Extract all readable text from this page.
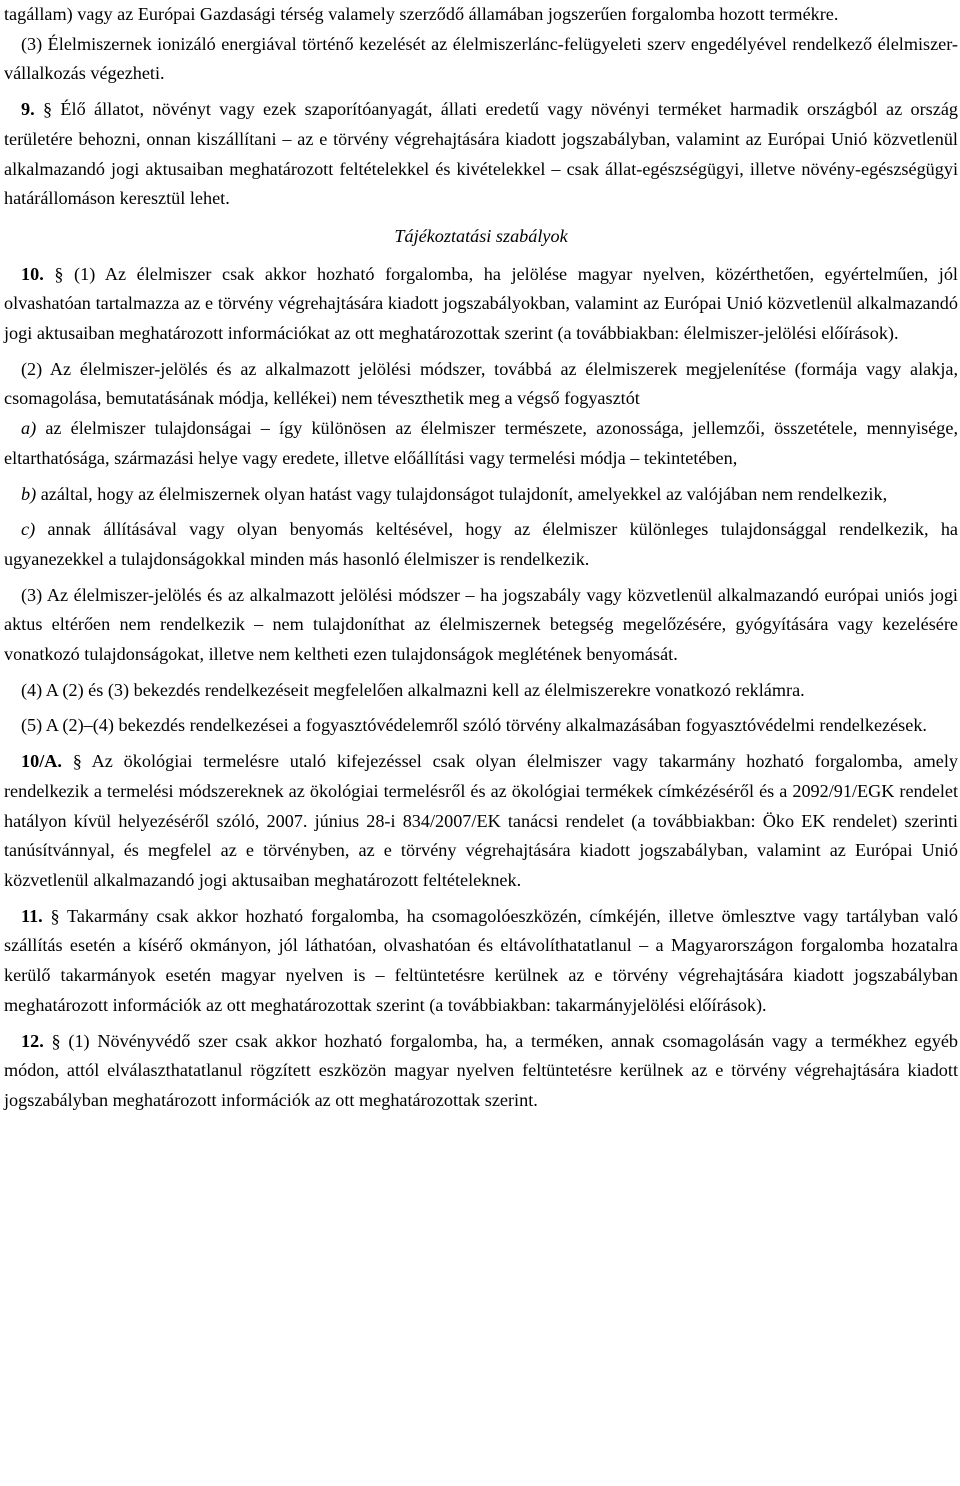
tagállam) vagy az Európai Gazdasági térség valamely szerződő államában jogszerűen forgalomba hozott termékre.

(3) Élelmiszernek ionizáló energiával történő kezelését az élelmiszerlánc-felügyeleti szerv engedélyével rendelkező élelmiszer-vállalkozás végezheti.

9. § Élő állatot, növényt vagy ezek szaporítóanyagát, állati eredetű vagy növényi terméket harmadik országból az ország területére behozni, onnan kiszállítani – az e törvény végrehajtására kiadott jogszabályban, valamint az Európai Unió közvetlenül alkalmazandó jogi aktusaiban meghatározott feltételekkel és kivételekkel – csak állat-egészségügyi, illetve növény-egészségügyi határállomáson keresztül lehet.

Tájékoztatási szabályok

10. § (1) Az élelmiszer csak akkor hozható forgalomba, ha jelölése magyar nyelven, közérthetően, egyértelműen, jól olvashatóan tartalmazza az e törvény végrehajtására kiadott jogszabályokban, valamint az Európai Unió közvetlenül alkalmazandó jogi aktusaiban meghatározott információkat az ott meghatározottak szerint (a továbbiakban: élelmiszer-jelölési előírások).

(2) Az élelmiszer-jelölés és az alkalmazott jelölési módszer, továbbá az élelmiszerek megjelenítése (formája vagy alakja, csomagolása, bemutatásának módja, kellékei) nem téveszthetik meg a végső fogyasztót

a) az élelmiszer tulajdonságai – így különösen az élelmiszer természete, azonossága, jellemzői, összetétele, mennyisége, eltarthatósága, származási helye vagy eredete, illetve előállítási vagy termelési módja – tekintetében,

b) azáltal, hogy az élelmiszernek olyan hatást vagy tulajdonságot tulajdonít, amelyekkel az valójában nem rendelkezik,

c) annak állításával vagy olyan benyomás keltésével, hogy az élelmiszer különleges tulajdonsággal rendelkezik, ha ugyanezekkel a tulajdonságokkal minden más hasonló élelmiszer is rendelkezik.

(3) Az élelmiszer-jelölés és az alkalmazott jelölési módszer – ha jogszabály vagy közvetlenül alkalmazandó európai uniós jogi aktus eltérően nem rendelkezik – nem tulajdoníthat az élelmiszernek betegség megelőzésére, gyógyítására vagy kezelésére vonatkozó tulajdonságokat, illetve nem keltheti ezen tulajdonságok meglétének benyomását.

(4) A (2) és (3) bekezdés rendelkezéseit megfelelően alkalmazni kell az élelmiszerekre vonatkozó reklámra.

(5) A (2)–(4) bekezdés rendelkezései a fogyasztóvédelemről szóló törvény alkalmazásában fogyasztóvédelmi rendelkezések.

10/A. § Az ökológiai termelésre utaló kifejezéssel csak olyan élelmiszer vagy takarmány hozható forgalomba, amely rendelkezik a termelési módszereknek az ökológiai termelésről és az ökológiai termékek címkézéséről és a 2092/91/EGK rendelet hatályon kívül helyezéséről szóló, 2007. június 28-i 834/2007/EK tanácsi rendelet (a továbbiakban: Öko EK rendelet) szerinti tanúsítvánnyal, és megfelel az e törvényben, az e törvény végrehajtására kiadott jogszabályban, valamint az Európai Unió közvetlenül alkalmazandó jogi aktusaiban meghatározott feltételeknek.

11. § Takarmány csak akkor hozható forgalomba, ha csomagolóeszközén, címkéjén, illetve ömlesztve vagy tartályban való szállítás esetén a kísérő okmányon, jól láthatóan, olvashatóan és eltávolíthatatlanul – a Magyarországon forgalomba hozatalra kerülő takarmányok esetén magyar nyelven is – feltüntetésre kerülnek az e törvény végrehajtására kiadott jogszabályban meghatározott információk az ott meghatározottak szerint (a továbbiakban: takarmányjelölési előírások).

12. § (1) Növényvédő szer csak akkor hozható forgalomba, ha, a terméken, annak csomagolásán vagy a termékhez egyéb módon, attól elválaszthatatlanul rögzített eszközön magyar nyelven feltüntetésre kerülnek az e törvény végrehajtására kiadott jogszabályban meghatározott információk az ott meghatározottak szerint.
